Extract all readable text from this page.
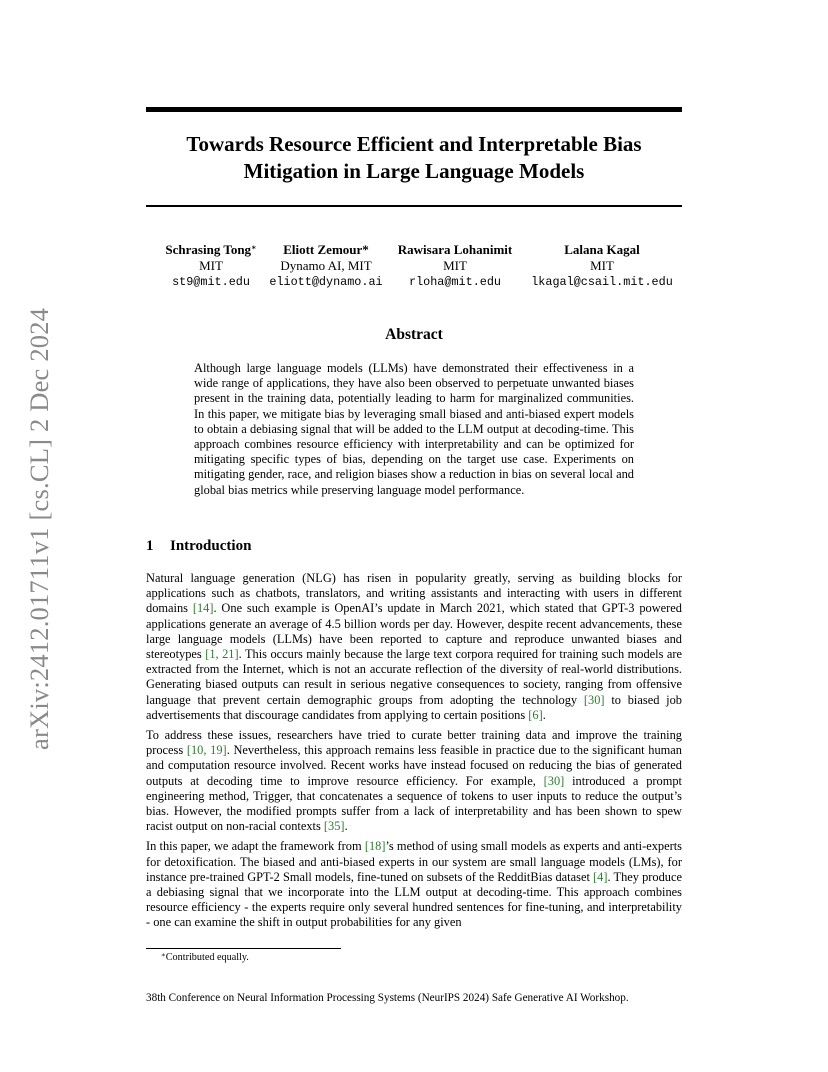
arXiv:2412.01711v1 [cs.CL] 2 Dec 2024
Towards Resource Efficient and Interpretable Bias
Mitigation in Large Language Models
Schrasing Tong∗
MIT
st9@mit.edu
Eliott Zemour*
Dynamo AI, MIT
eliott@dynamo.ai
Rawisara Lohanimit
MIT
rloha@mit.edu
Lalana Kagal
MIT
lkagal@csail.mit.edu
Abstract
Although large language models (LLMs) have demonstrated their effectiveness in a wide range of applications, they have also been observed to perpetuate unwanted biases present in the training data, potentially leading to harm for marginalized communities. In this paper, we mitigate bias by leveraging small biased and anti-biased expert models to obtain a debiasing signal that will be added to the LLM output at decoding-time. This approach combines resource efficiency with interpretability and can be optimized for mitigating specific types of bias, depending on the target use case. Experiments on mitigating gender, race, and religion biases show a reduction in bias on several local and global bias metrics while preserving language model performance.
1 Introduction

Natural language generation (NLG) has risen in popularity greatly, serving as building blocks for applications such as chatbots, translators, and writing assistants and interacting with users in different domains [14]. One such example is OpenAI’s update in March 2021, which stated that GPT-3 powered applications generate an average of 4.5 billion words per day. However, despite recent advancements, these large language models (LLMs) have been reported to capture and reproduce unwanted biases and stereotypes [1, 21]. This occurs mainly because the large text corpora required for training such models are extracted from the Internet, which is not an accurate reflection of the diversity of real-world distributions. Generating biased outputs can result in serious negative consequences to society, ranging from offensive language that prevent certain demographic groups from adopting the technology [30] to biased job advertisements that discourage candidates from applying to certain positions [6].

To address these issues, researchers have tried to curate better training data and improve the training process [10, 19]. Nevertheless, this approach remains less feasible in practice due to the significant human and computation resource involved. Recent works have instead focused on reducing the bias of generated outputs at decoding time to improve resource efficiency. For example, [30] introduced a prompt engineering method, Trigger, that concatenates a sequence of tokens to user inputs to reduce the output’s bias. However, the modified prompts suffer from a lack of interpretability and has been shown to spew racist output on non-racial contexts [35].

In this paper, we adapt the framework from [18]’s method of using small models as experts and anti-experts for detoxification. The biased and anti-biased experts in our system are small language models (LMs), for instance pre-trained GPT-2 Small models, fine-tuned on subsets of the RedditBias dataset [4]. They produce a debiasing signal that we incorporate into the LLM output at decoding-time. This approach combines resource efficiency - the experts require only several hundred sentences for fine-tuning, and interpretability - one can examine the shift in output probabilities for any given

∗Contributed equally.
38th Conference on Neural Information Processing Systems (NeurIPS 2024) Safe Generative AI Workshop.
